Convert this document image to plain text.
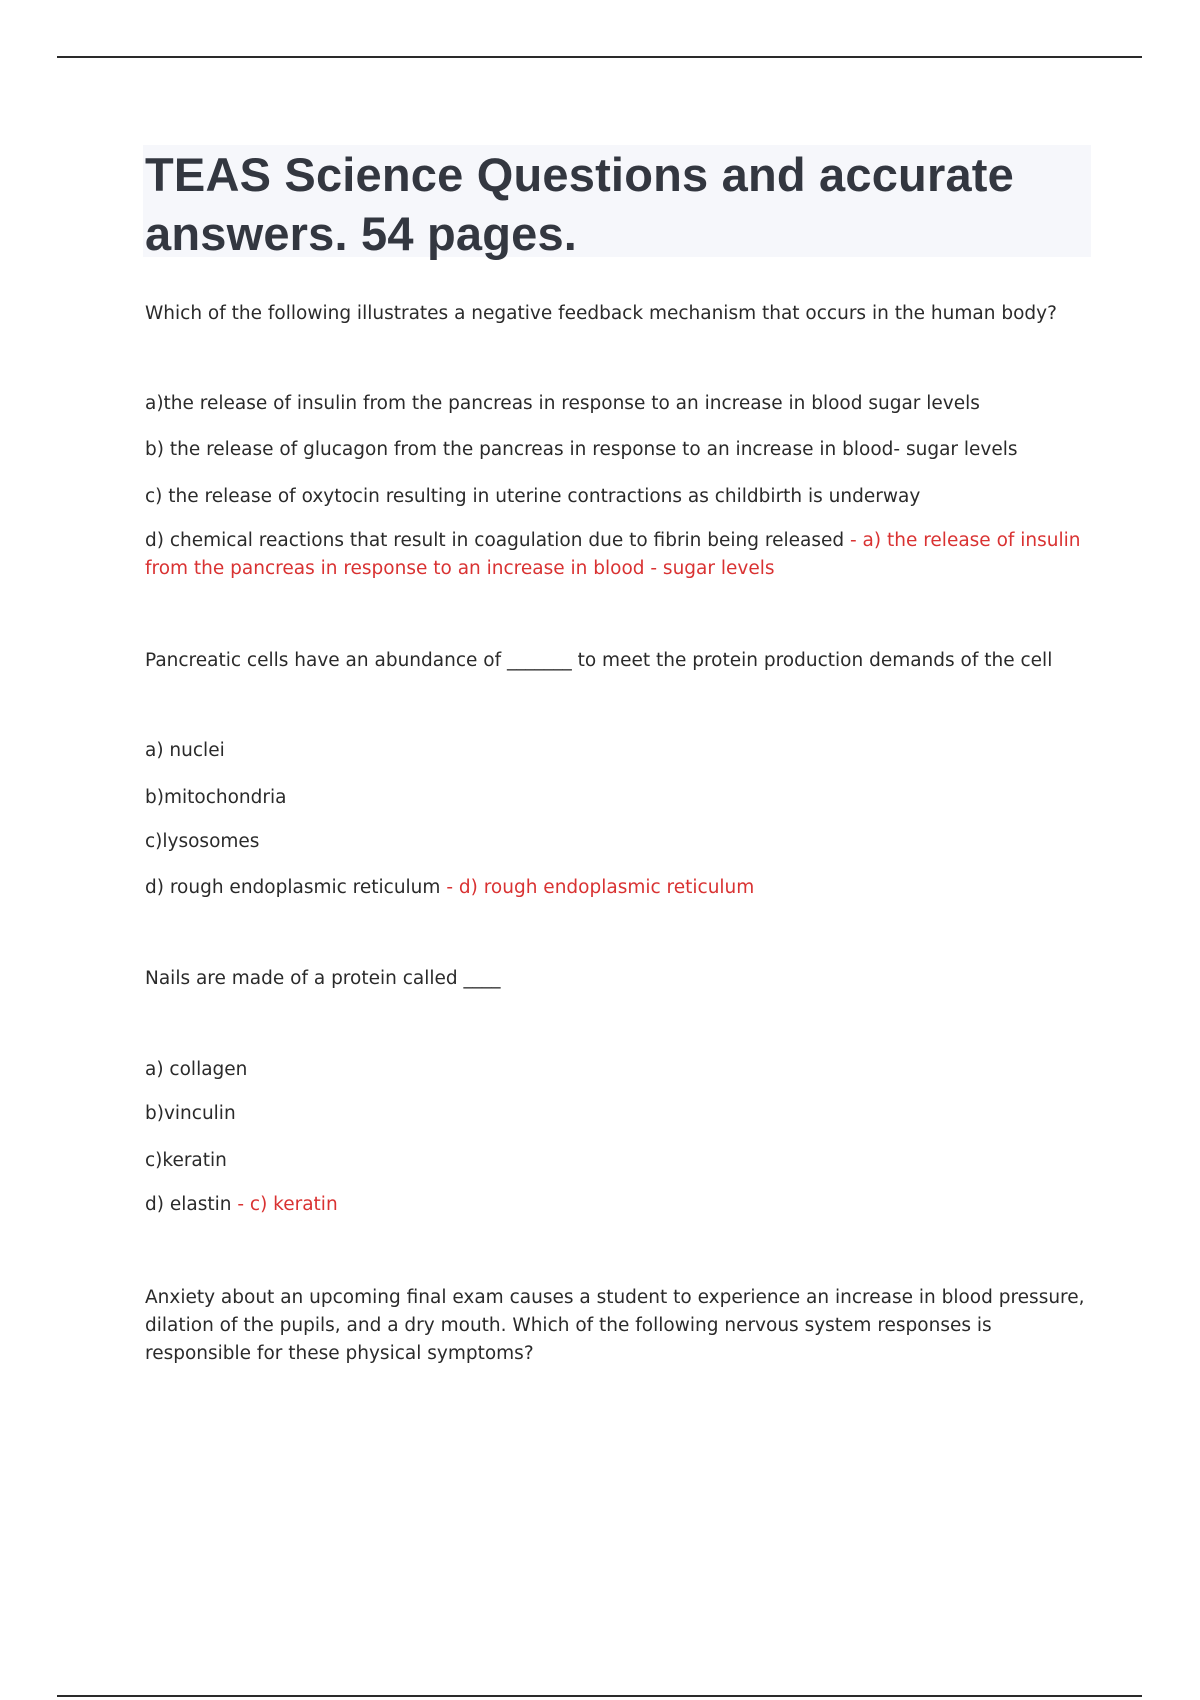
TEAS Science Questions and accurate answers. 54 pages.

Which of the following illustrates a negative feedback mechanism that occurs in the human body?

a)the release of insulin from the pancreas in response to an increase in blood sugar levels

b) the release of glucagon from the pancreas in response to an increase in blood- sugar levels

c) the release of oxytocin resulting in uterine contractions as childbirth is underway

d) chemical reactions that result in coagulation due to fibrin being released - a) the release of insulin from the pancreas in response to an increase in blood - sugar levels

Pancreatic cells have an abundance of _______ to meet the protein production demands of the cell

a) nuclei

b)mitochondria

c)lysosomes

d) rough endoplasmic reticulum - d) rough endoplasmic reticulum

Nails are made of a protein called ____

a) collagen

b)vinculin

c)keratin

d) elastin - c) keratin

Anxiety about an upcoming final exam causes a student to experience an increase in blood pressure, dilation of the pupils, and a dry mouth. Which of the following nervous system responses is responsible for these physical symptoms?
